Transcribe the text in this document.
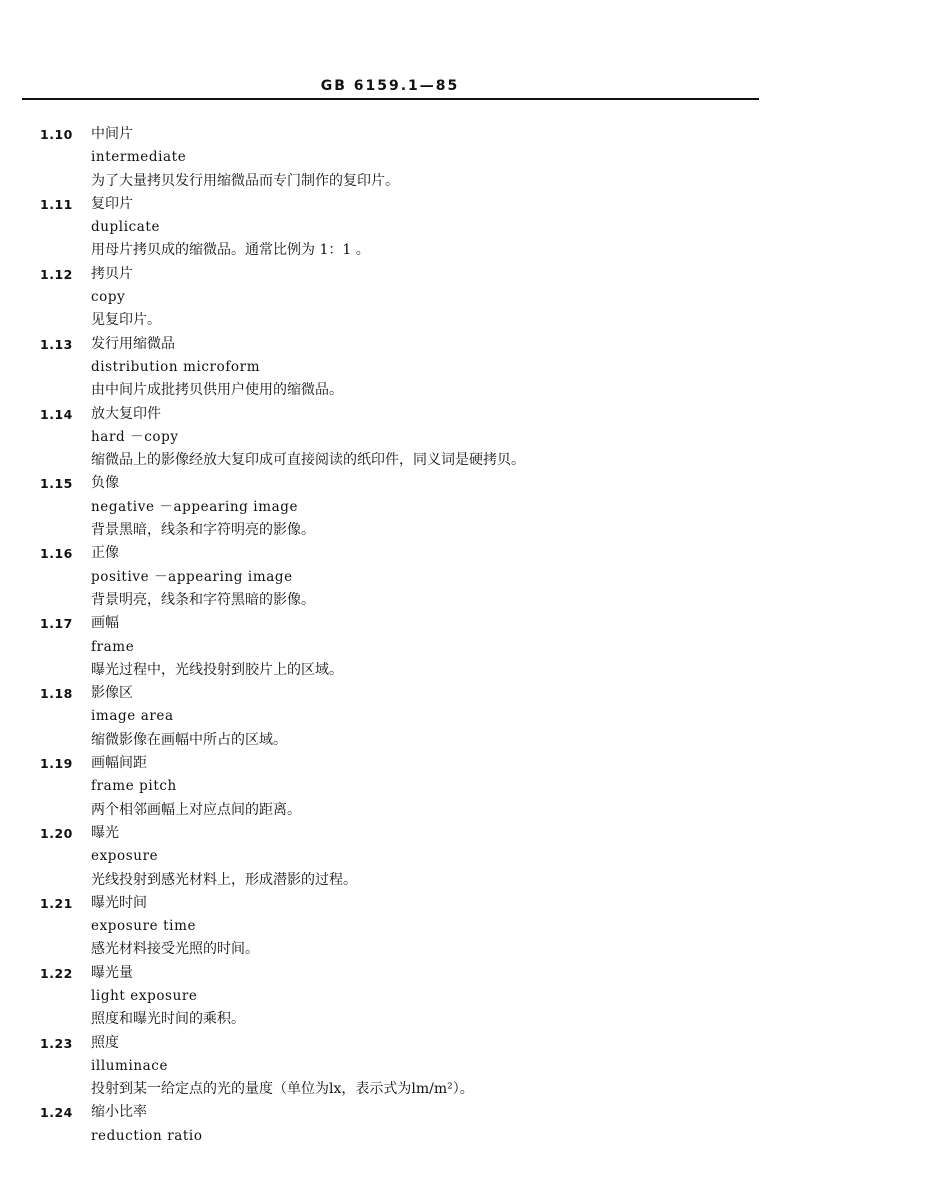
GB 6159.1—85
1.10	中间片
intermediate
为了大量拷贝发行用缩微品而专门制作的复印片。
1.11	复印片
duplicate
用母片拷贝成的缩微品。通常比例为 1：1 。
1.12	拷贝片
copy
见复印片。
1.13	发行用缩微品
distribution microform
由中间片成批拷贝供用户使用的缩微品。
1.14	放大复印件
hard －copy
缩微品上的影像经放大复印成可直接阅读的纸印件，同义词是硬拷贝。
1.15	负像
negative －appearing image
背景黑暗，线条和字符明亮的影像。
1.16	正像
positive －appearing image
背景明亮，线条和字符黑暗的影像。
1.17	画幅
frame
曝光过程中，光线投射到胶片上的区域。
1.18	影像区
image area
缩微影像在画幅中所占的区域。
1.19	画幅间距
frame pitch
两个相邻画幅上对应点间的距离。
1.20	曝光
exposure
光线投射到感光材料上，形成潜影的过程。
1.21	曝光时间
exposure time
感光材料接受光照的时间。
1.22	曝光量
light exposure
照度和曝光时间的乘积。
1.23	照度
illuminace
投射到某一给定点的光的量度（单位为lx，表示式为lm/m²）。
1.24	缩小比率
reduction ratio
